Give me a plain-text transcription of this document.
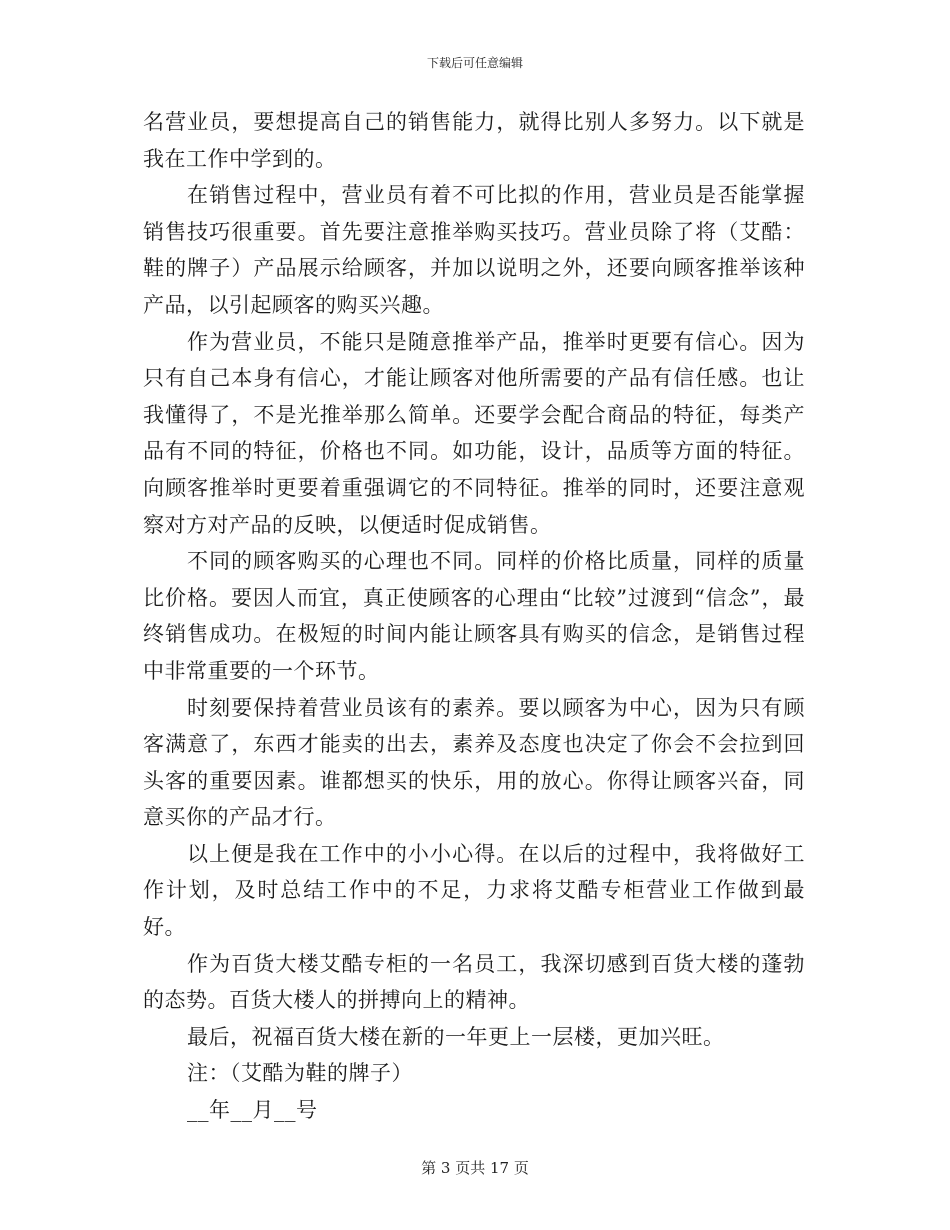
下载后可任意编辑

名营业员，要想提高自己的销售能力，就得比别人多努力。以下就是我在工作中学到的。

在销售过程中，营业员有着不可比拟的作用，营业员是否能掌握销售技巧很重要。首先要注意推举购买技巧。营业员除了将（艾酷：鞋的牌子）产品展示给顾客，并加以说明之外，还要向顾客推举该种产品，以引起顾客的购买兴趣。

作为营业员，不能只是随意推举产品，推举时更要有信心。因为只有自己本身有信心，才能让顾客对他所需要的产品有信任感。也让我懂得了，不是光推举那么简单。还要学会配合商品的特征，每类产品有不同的特征，价格也不同。如功能，设计，品质等方面的特征。向顾客推举时更要着重强调它的不同特征。推举的同时，还要注意观察对方对产品的反映，以便适时促成销售。

不同的顾客购买的心理也不同。同样的价格比质量，同样的质量比价格。要因人而宜，真正使顾客的心理由“比较”过渡到“信念”，最终销售成功。在极短的时间内能让顾客具有购买的信念，是销售过程中非常重要的一个环节。

时刻要保持着营业员该有的素养。要以顾客为中心，因为只有顾客满意了，东西才能卖的出去，素养及态度也决定了你会不会拉到回头客的重要因素。谁都想买的快乐，用的放心。你得让顾客兴奋，同意买你的产品才行。

以上便是我在工作中的小小心得。在以后的过程中，我将做好工作计划，及时总结工作中的不足，力求将艾酷专柜营业工作做到最好。

作为百货大楼艾酷专柜的一名员工，我深切感到百货大楼的蓬勃的态势。百货大楼人的拼搏向上的精神。

最后，祝福百货大楼在新的一年更上一层楼，更加兴旺。

注：（艾酷为鞋的牌子）

__年__月__号

第 3 页共 17 页
